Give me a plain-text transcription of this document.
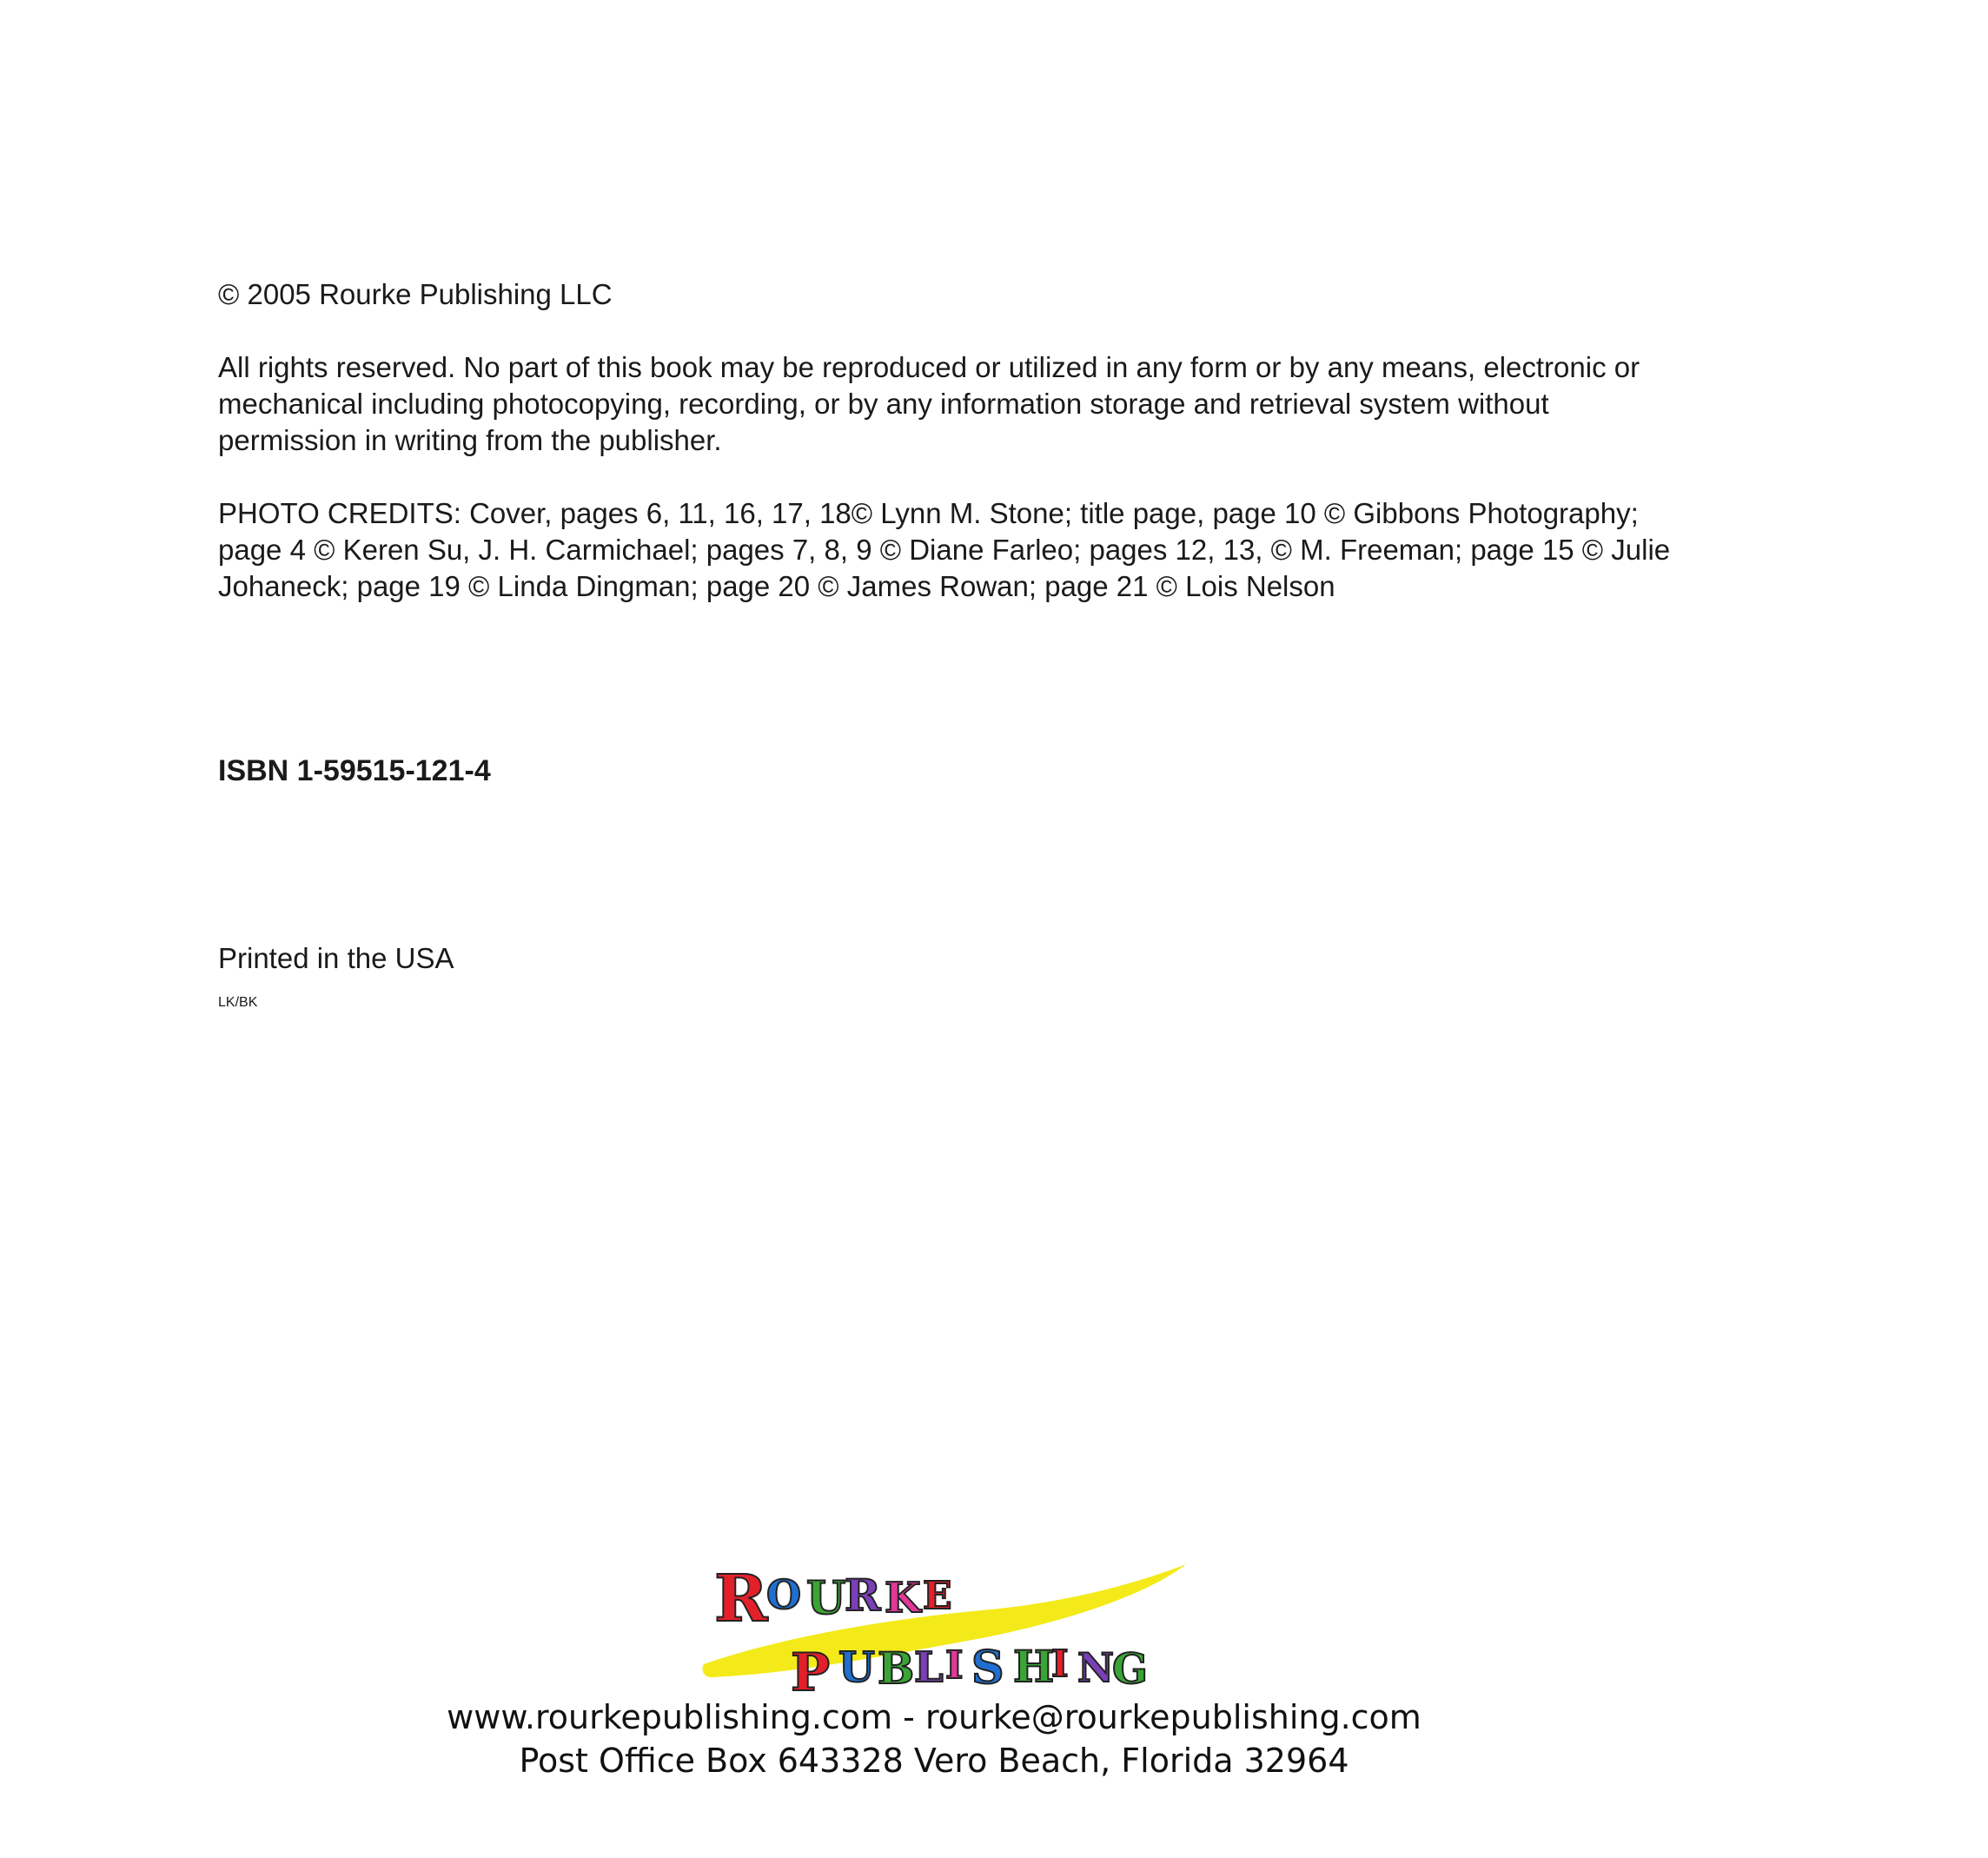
© 2005 Rourke Publishing LLC

All rights reserved. No part of this book may be reproduced or utilized in any form or by any means, electronic or

mechanical including photocopying, recording, or by any information storage and retrieval system without

permission in writing from the publisher.

PHOTO CREDITS: Cover, pages 6, 11, 16, 17, 18© Lynn M. Stone; title page, page 10 © Gibbons Photography;

page 4 © Keren Su, J. H. Carmichael; pages 7, 8, 9 © Diane Farleo; pages 12, 13, © M. Freeman; page 15 © Julie

Johaneck; page 19 © Linda Dingman; page 20 © James Rowan; page 21 © Lois Nelson

ISBN 1-59515-121-4
Printed in the USA
LK/BK
R
O U
R K E
P U B L I S H
I N
G
www.rourkepublishing.com - rourke@rourkepublishing.com
Post Office Box 643328 Vero Beach, Florida 32964
